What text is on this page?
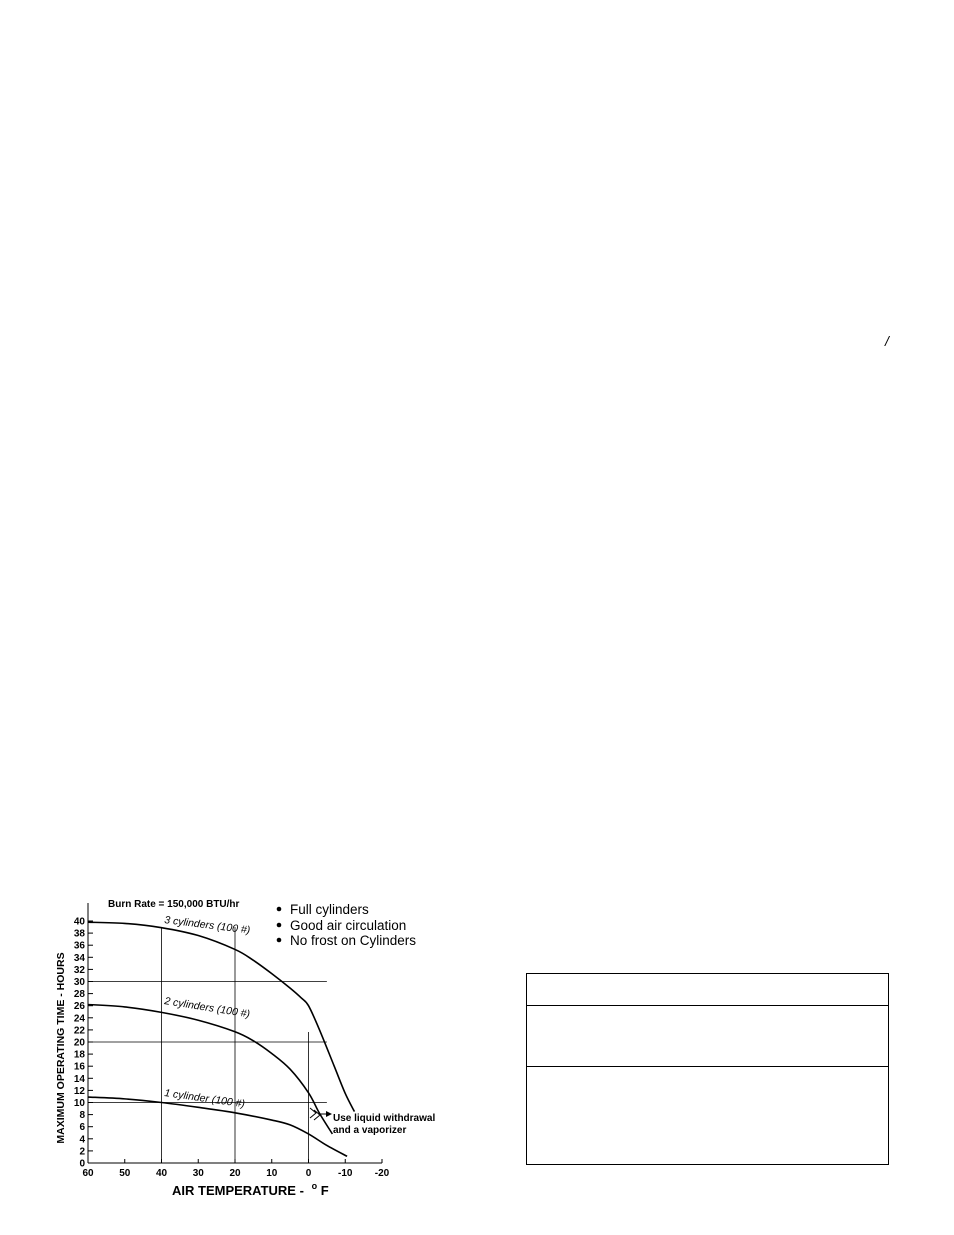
0
2
4
6
8
10
12
14
16
18
20
22
24
26
28
30
32
34
36
38
40
60	50	40	30	20	10	0	-10 -20
Burn Rate = 150,000 BTU/hr	Full cylinders
Good air circulation
No frost on Cylinders
3 cylinders (100 #)
2 cylinders (100 #)
1 cylinder (100 #)
Use liquid withdrawal
and a vaporizer
MAXIMUM OPERATING TIME - HOURS
AIR TEMPERATURE - $^o$ F
/
